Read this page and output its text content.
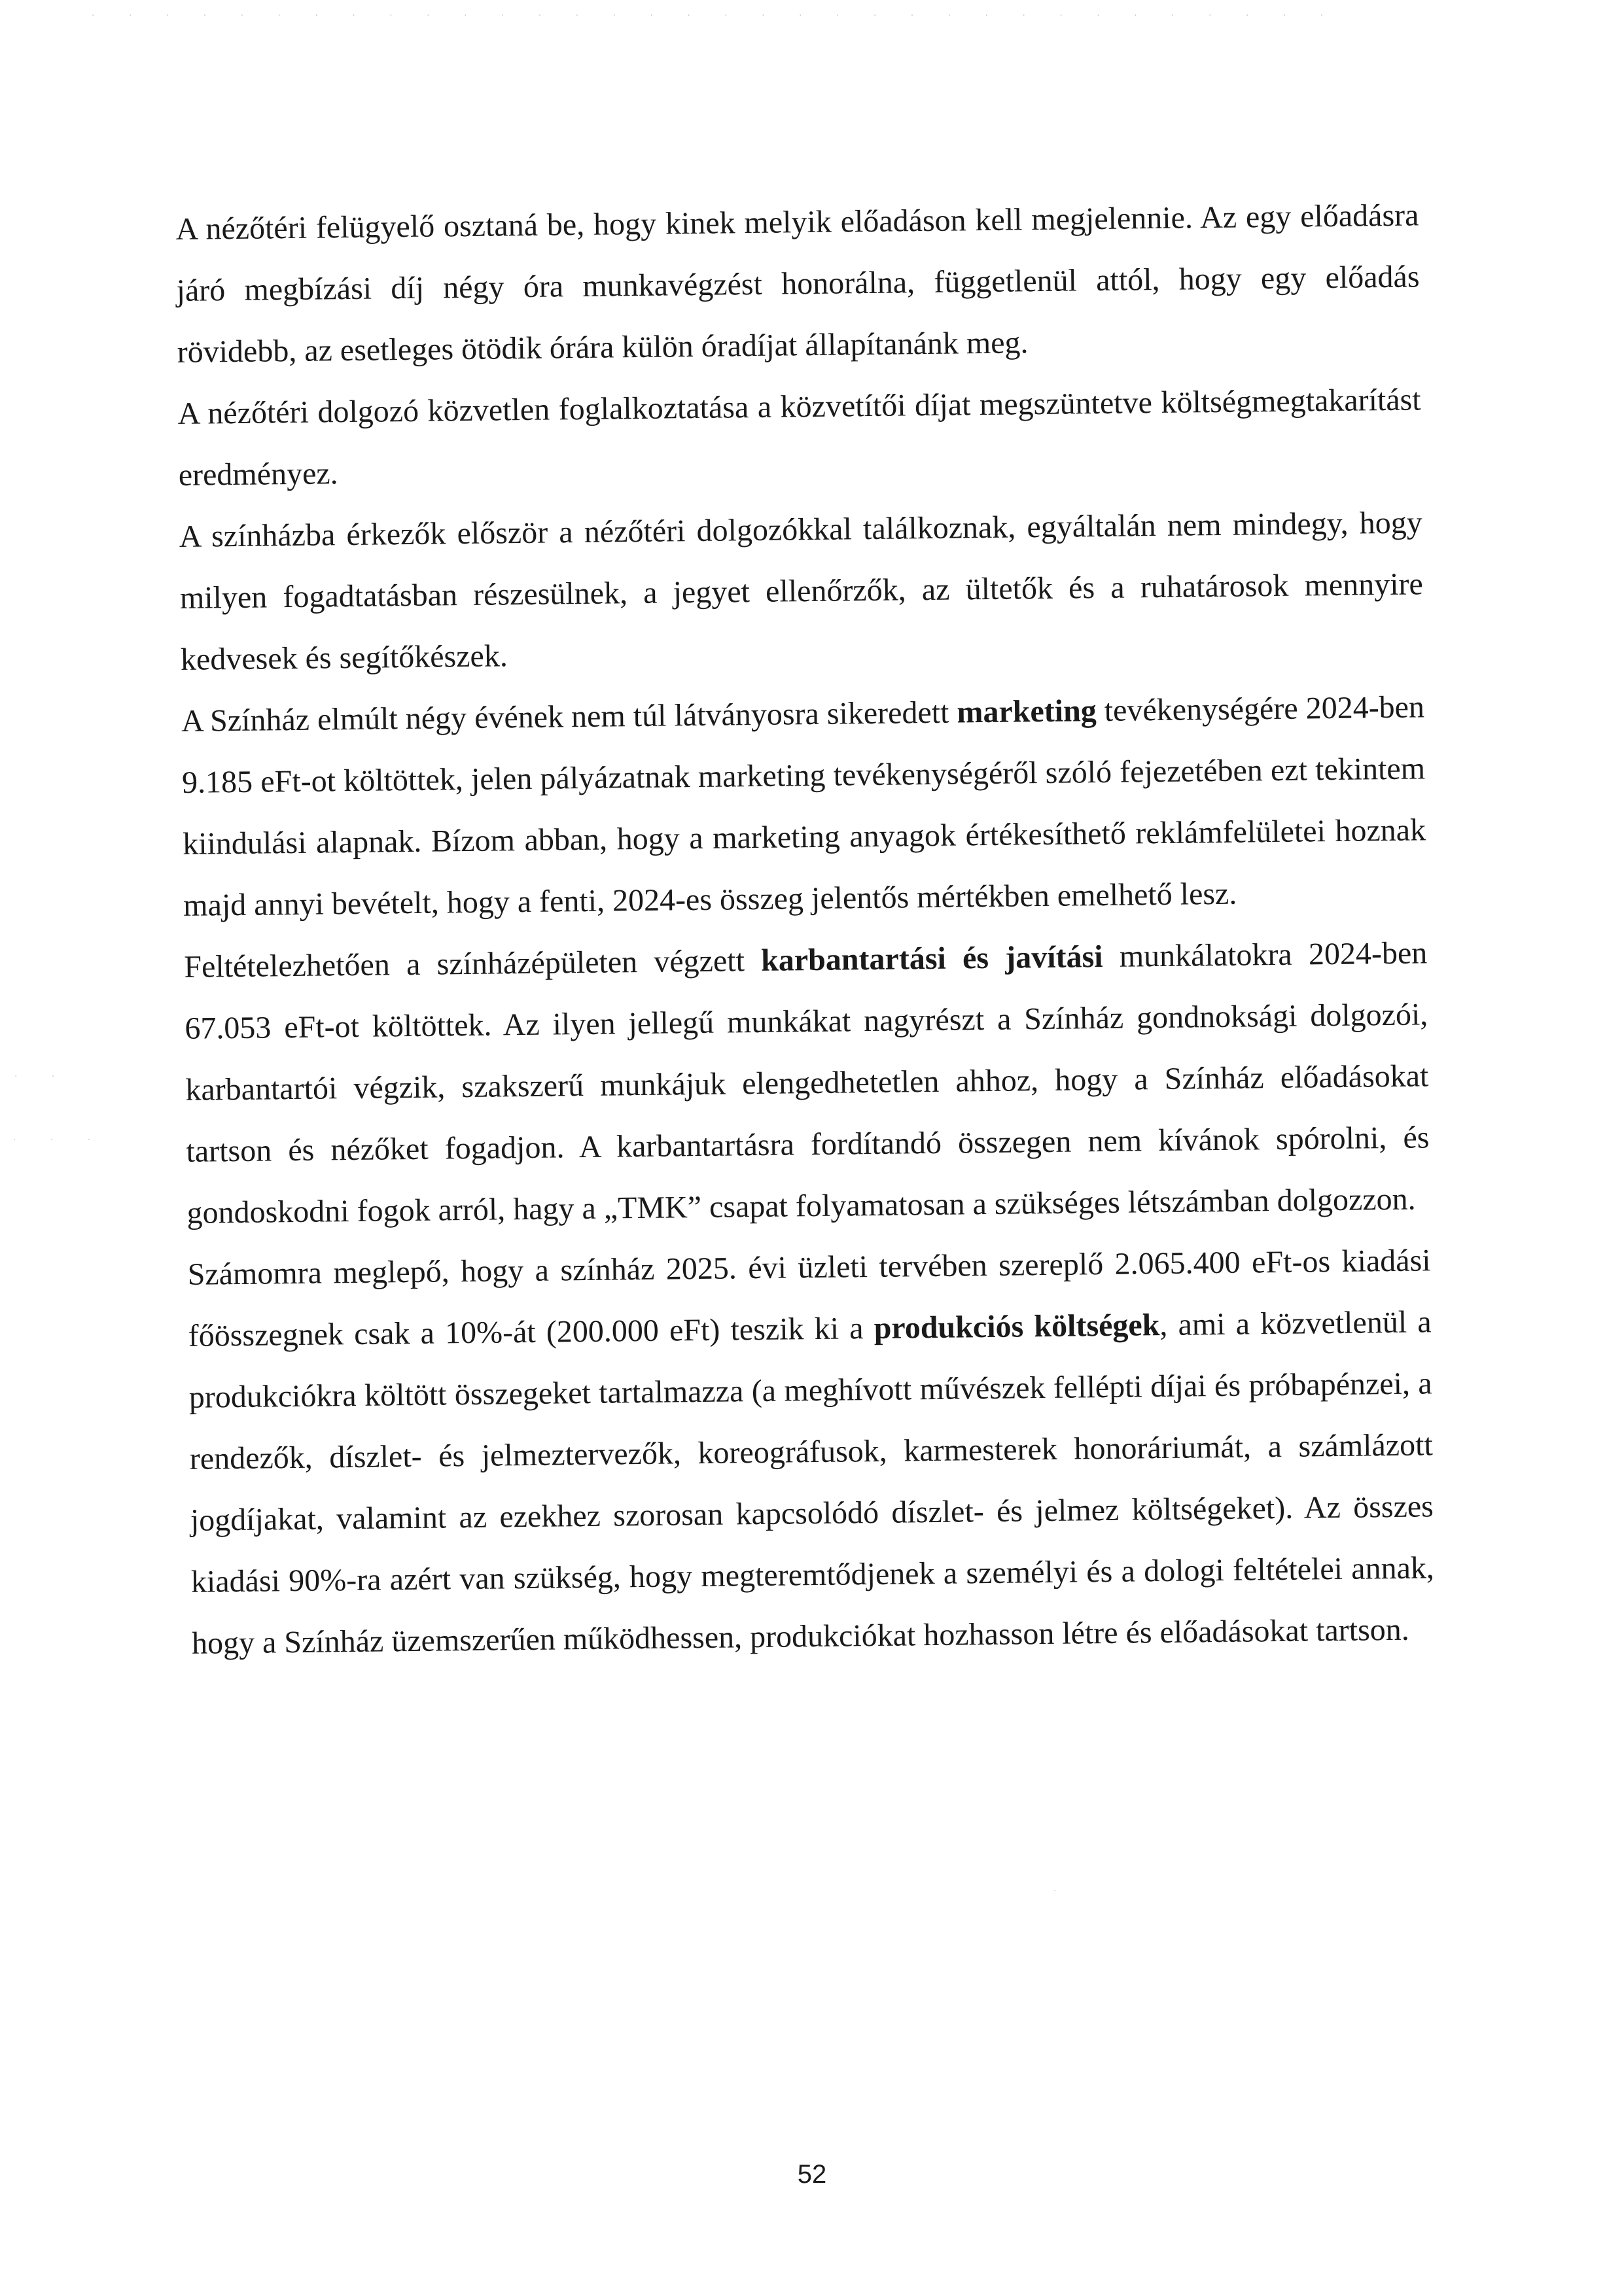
· · · · · · · · · · · · · · · · · · · · · · · · · · · · · · · · · ·
· ·
· · ·
·

A nézőtéri felügyelő osztaná be, hogy kinek melyik előadáson kell megjelennie. Az egy előadásra járó megbízási díj négy óra munkavégzést honorálna, függetlenül attól, hogy egy előadás rövidebb, az esetleges ötödik órára külön óradíjat állapítanánk meg.

A nézőtéri dolgozó közvetlen foglalkoztatása a közvetítői díjat megszüntetve költségmegtakarítást eredményez.

A színházba érkezők először a nézőtéri dolgozókkal találkoznak, egyáltalán nem mindegy, hogy milyen fogadtatásban részesülnek, a jegyet ellenőrzők, az ültetők és a ruhatárosok mennyire kedvesek és segítőkészek.

A Színház elmúlt négy évének nem túl látványosra sikeredett marketing tevékenységére 2024-ben 9.185 eFt-ot költöttek, jelen pályázatnak marketing tevékenységéről szóló fejezetében ezt tekintem kiindulási alapnak. Bízom abban, hogy a marketing anyagok értékesíthető reklámfelületei hoznak majd annyi bevételt, hogy a fenti, 2024-es összeg jelentős mértékben emelhető lesz.

Feltételezhetően a színházépületen végzett karbantartási és javítási munkálatokra 2024-ben 67.053 eFt-ot költöttek. Az ilyen jellegű munkákat nagyrészt a Színház gondnoksági dolgozói, karbantartói végzik, szakszerű munkájuk elengedhetetlen ahhoz, hogy a Színház előadásokat tartson és nézőket fogadjon. A karbantartásra fordítandó összegen nem kívánok spórolni, és gondoskodni fogok arról, hagy a „TMK” csapat folyamatosan a szükséges létszámban dolgozzon.

Számomra meglepő, hogy a színház 2025. évi üzleti tervében szereplő 2.065.400 eFt-os kiadási főösszegnek csak a 10%-át (200.000 eFt) teszik ki a produkciós költségek, ami a közvetlenül a produkciókra költött összegeket tartalmazza (a meghívott művészek fellépti díjai és próbapénzei, a rendezők, díszlet- és jelmeztervezők, koreográfusok, karmesterek honoráriumát, a számlázott jogdíjakat, valamint az ezekhez szorosan kapcsolódó díszlet- és jelmez költségeket). Az összes kiadási 90%-ra azért van szükség, hogy megteremtődjenek a személyi és a dologi feltételei annak, hogy a Színház üzemszerűen működhessen, produkciókat hozhasson létre és előadásokat tartson.

52
